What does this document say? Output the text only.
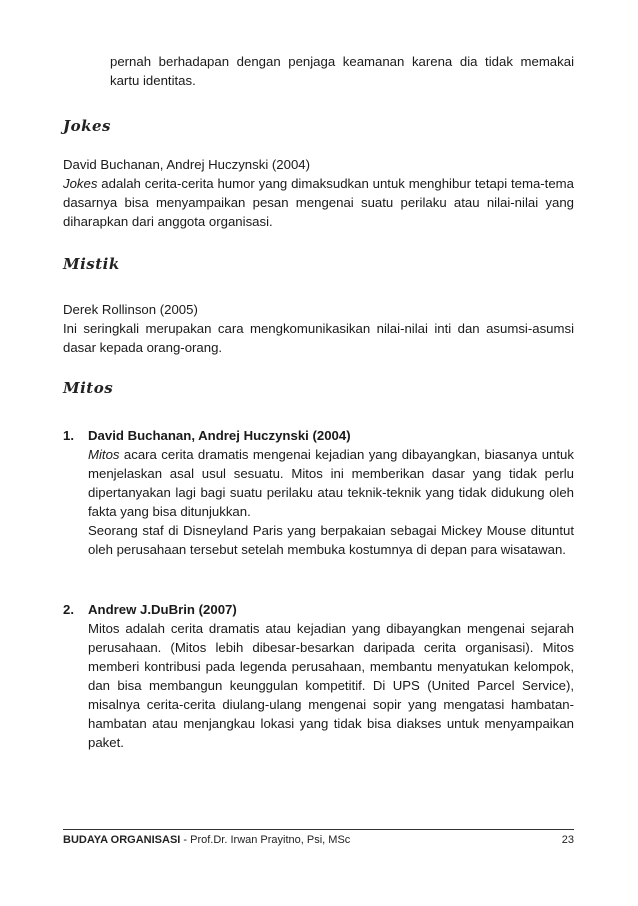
pernah berhadapan dengan penjaga keamanan karena dia tidak memakai

kartu identitas.

Jokes

David Buchanan, Andrej Huczynski (2004)

Jokes adalah cerita-cerita humor yang dimaksudkan untuk menghibur tetapi tema-tema dasarnya bisa menyampaikan pesan mengenai suatu perilaku atau nilai-nilai yang diharapkan dari anggota organisasi.

Mistik

Derek Rollinson (2005)

Ini seringkali merupakan cara mengkomunikasikan nilai-nilai inti dan asumsi-asumsi dasar kepada orang-orang.

Mitos

1. David Buchanan, Andrej Huczynski (2004)

Mitos acara cerita dramatis mengenai kejadian yang dibayangkan, biasanya untuk menjelaskan asal usul sesuatu. Mitos ini memberikan dasar yang tidak perlu dipertanyakan lagi bagi suatu perilaku atau teknik-teknik yang tidak didukung oleh fakta yang bisa ditunjukkan.

Seorang staf di Disneyland Paris yang berpakaian sebagai Mickey Mouse dituntut oleh perusahaan tersebut setelah membuka kostumnya di depan para wisatawan.

2. Andrew J.DuBrin (2007)

Mitos adalah cerita dramatis atau kejadian yang dibayangkan mengenai sejarah perusahaan. (Mitos lebih dibesar-besarkan daripada cerita organisasi). Mitos memberi kontribusi pada legenda perusahaan, membantu menyatukan kelompok, dan bisa membangun keunggulan kompetitif. Di UPS (United Parcel Service), misalnya cerita-cerita diulang-ulang mengenai sopir yang mengatasi hambatan-hambatan atau menjangkau lokasi yang tidak bisa diakses untuk menyampaikan paket.

BUDAYA ORGANISASI - Prof.Dr. Irwan Prayitno, Psi, MSc	23
